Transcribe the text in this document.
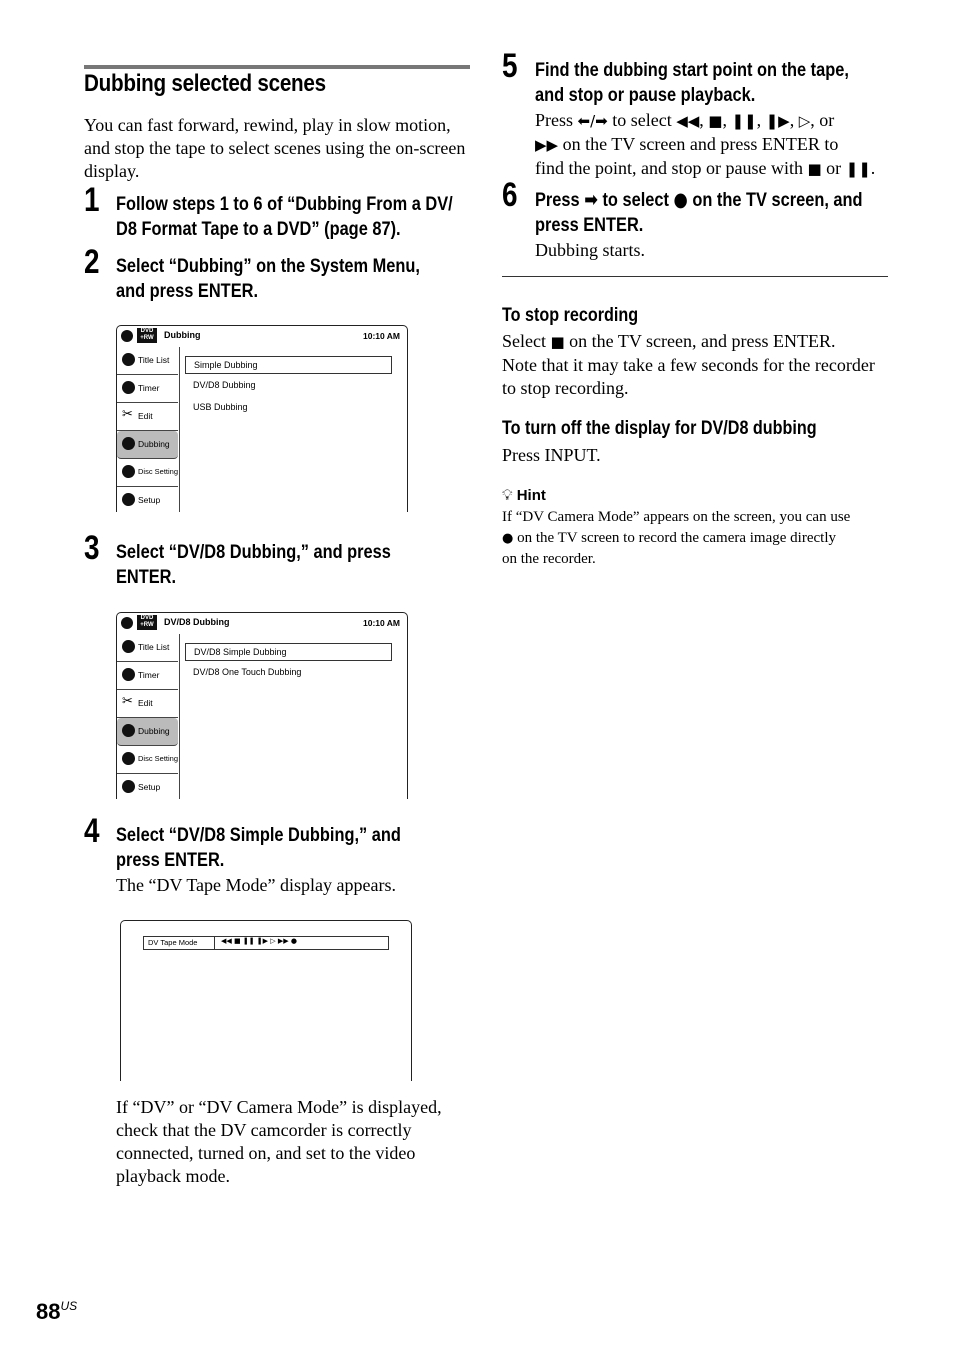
Dubbing selected scenes
You can fast forward, rewind, play in slow motion, and stop the tape to select scenes using the on-screen display.
1 Follow steps 1 to 6 of “Dubbing From a DV/
D8 Format Tape to a DVD” (page 87).
2 Select “Dubbing” on the System Menu,
and press ENTER.
DVD +RW	Dubbing	10:10 AM
Title List
Timer
✂ Edit
Dubbing
Disc Setting
Setup
Simple Dubbing
DV/D8 Dubbing
USB Dubbing
3 Select “DV/D8 Dubbing,” and press
ENTER.
DVD +RW	DV/D8 Dubbing	10:10 AM
Title List
Timer
✂ Edit
Dubbing
Disc Setting
Setup
DV/D8 Simple Dubbing
DV/D8 One Touch Dubbing
4 Select “DV/D8 Simple Dubbing,” and
press ENTER.
The “DV Tape Mode” display appears.
DV Tape Mode	◀◀ ■ ❚❚ ❚▶ ▷ ▶▶ ●
If “DV” or “DV Camera Mode” is displayed, check that the DV camcorder is correctly connected, turned on, and set to the video playback mode.
5 Find the dubbing start point on the tape,
and stop or pause playback.
Press ⬅/➡ to select ◀◀, ■, ❚❚, ❚▶, ▷, or
▶▶ on the TV screen and press ENTER to
find the point, and stop or pause with ■ or ❚❚.
6 Press ➡ to select ● on the TV screen, and
press ENTER.
Dubbing starts.
To stop recording
Select ■ on the TV screen, and press ENTER.
Note that it may take a few seconds for the recorder to stop recording.
To turn off the display for DV/D8 dubbing
Press INPUT.
💡︎ Hint
If “DV Camera Mode” appears on the screen, you can use
● on the TV screen to record the camera image directly
on the recorder.
$88^{US}$
